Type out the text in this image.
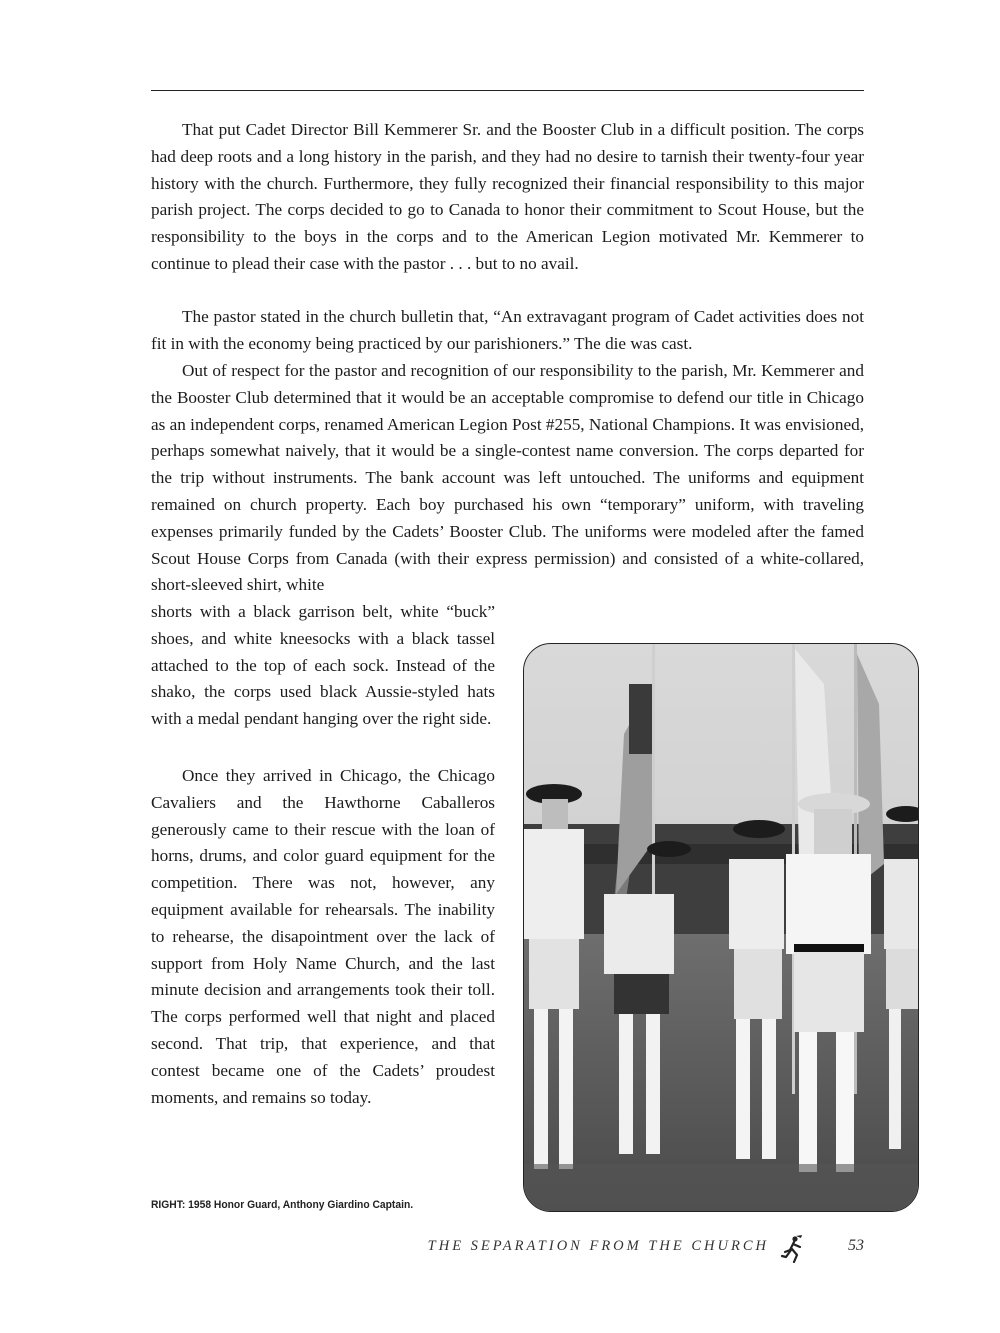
That put Cadet Director Bill Kemmerer Sr. and the Booster Club in a difficult position. The corps had deep roots and a long history in the parish, and they had no desire to tarnish their twenty-four year history with the church. Furthermore, they fully recognized their financial responsibility to this major parish project. The corps decided to go to Canada to honor their commitment to Scout House, but the responsibility to the boys in the corps and to the American Legion motivated Mr. Kemmerer to continue to plead their case with the pastor . . . but to no avail.

The pastor stated in the church bulletin that, “An extravagant program of Cadet activities does not fit in with the economy being practiced by our parishioners.” The die was cast.

Out of respect for the pastor and recognition of our responsibility to the parish, Mr. Kemmerer and the Booster Club determined that it would be an acceptable compromise to defend our title in Chicago as an independent corps, renamed American Legion Post #255, National Champions. It was envisioned, perhaps somewhat naively, that it would be a single-contest name conversion. The corps departed for the trip without instruments. The bank account was left untouched. The uniforms and equipment remained on church property. Each boy purchased his own “temporary” uniform, with traveling expenses primarily funded by the Cadets’ Booster Club. The uniforms were modeled after the famed Scout House Corps from Canada (with their express permission) and consisted of a white-collared, short-sleeved shirt, white

shorts with a black garrison belt, white “buck” shoes, and white kneesocks with a black tassel attached to the top of each sock. Instead of the shako, the corps used black Aussie-styled hats with a medal pendant hanging over the right side.

Once they arrived in Chicago, the Chicago Cavaliers and the Hawthorne Caballeros generously came to their rescue with the loan of horns, drums, and color guard equipment for the competition. There was not, however, any equipment available for rehearsals. The inability to rehearse, the disapointment over the lack of support from Holy Name Church, and the last minute decision and arrangements took their toll. The corps performed well that night and placed second. That trip, that experience, and that contest became one of the Cadets’ proudest moments, and remains so today.

RIGHT: 1958 Honor Guard, Anthony Giardino Captain.
THE SEPARATION FROM THE CHURCH	53
